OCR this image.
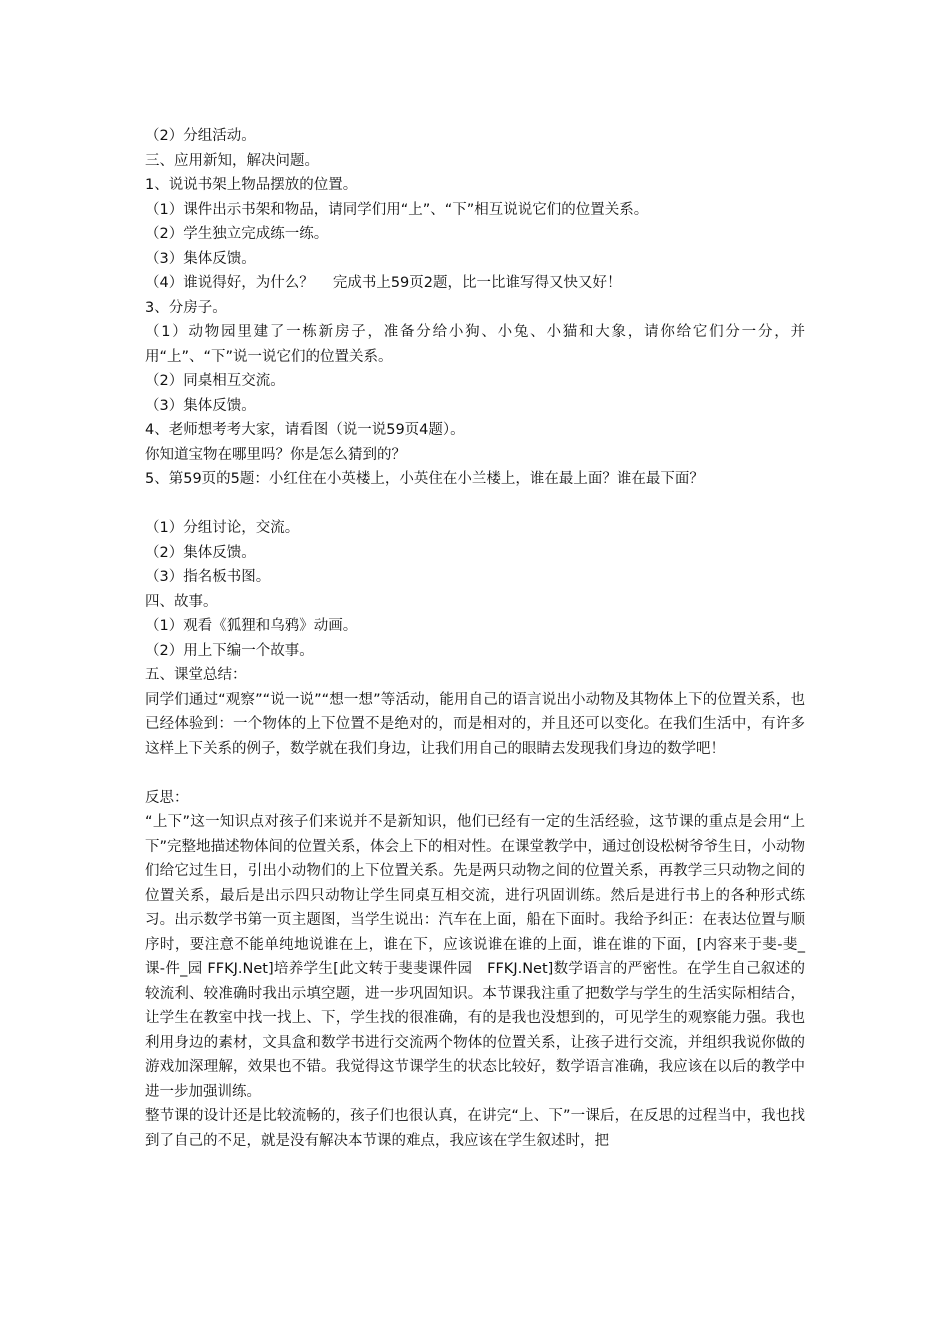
（2）分组活动。
三、应用新知，解决问题。
1、说说书架上物品摆放的位置。
（1）课件出示书架和物品，请同学们用“上”、“下”相互说说它们的位置关系。
（2）学生独立完成练一练。
（3）集体反馈。
（4）谁说得好，为什么？　 完成书上59页2题，比一比谁写得又快又好！
3、分房子。
（1）动物园里建了一栋新房子，准备分给小狗、小兔、小猫和大象，请你给它们分一分，并用“上”、“下”说一说它们的位置关系。
（2）同桌相互交流。
（3）集体反馈。
4、老师想考考大家，请看图（说一说59页4题）。
你知道宝物在哪里吗？你是怎么猜到的？
5、第59页的5题：小红住在小英楼上，小英住在小兰楼上，谁在最上面？谁在最下面？
（1）分组讨论，交流。
（2）集体反馈。
（3）指名板书图。
四、故事。
（1）观看《狐狸和乌鸦》动画。
（2）用上下编一个故事。
五、课堂总结：
同学们通过“观察”“说一说”“想一想”等活动，能用自己的语言说出小动物及其物体上下的位置关系，也已经体验到：一个物体的上下位置不是绝对的，而是相对的，并且还可以变化。在我们生活中，有许多这样上下关系的例子，数学就在我们身边，让我们用自己的眼睛去发现我们身边的数学吧！
反思：
“上下”这一知识点对孩子们来说并不是新知识，他们已经有一定的生活经验，这节课的重点是会用“上下”完整地描述物体间的位置关系，体会上下的相对性。在课堂教学中，通过创设松树爷爷生日，小动物们给它过生日，引出小动物们的上下位置关系。先是两只动物之间的位置关系，再教学三只动物之间的位置关系，最后是出示四只动物让学生同桌互相交流，进行巩固训练。然后是进行书上的各种形式练习。出示数学书第一页主题图，当学生说出：汽车在上面，船在下面时。我给予纠正：在表达位置与顺序时，要注意不能单纯地说谁在上，谁在下，应该说谁在谁的上面，谁在谁的下面，[内容来于斐-斐_课-件_园 FFKJ.Net]培养学生[此文转于斐斐课件园　FFKJ.Net]数学语言的严密性。在学生自己叙述的较流利、较准确时我出示填空题，进一步巩固知识。本节课我注重了把数学与学生的生活实际相结合，让学生在教室中找一找上、下，学生找的很准确，有的是我也没想到的，可见学生的观察能力强。我也利用身边的素材，文具盒和数学书进行交流两个物体的位置关系，让孩子进行交流，并组织我说你做的游戏加深理解，效果也不错。我觉得这节课学生的状态比较好，数学语言准确，我应该在以后的教学中进一步加强训练。
整节课的设计还是比较流畅的，孩子们也很认真，在讲完“上、下”一课后，在反思的过程当中，我也找到了自己的不足，就是没有解决本节课的难点，我应该在学生叙述时，把
